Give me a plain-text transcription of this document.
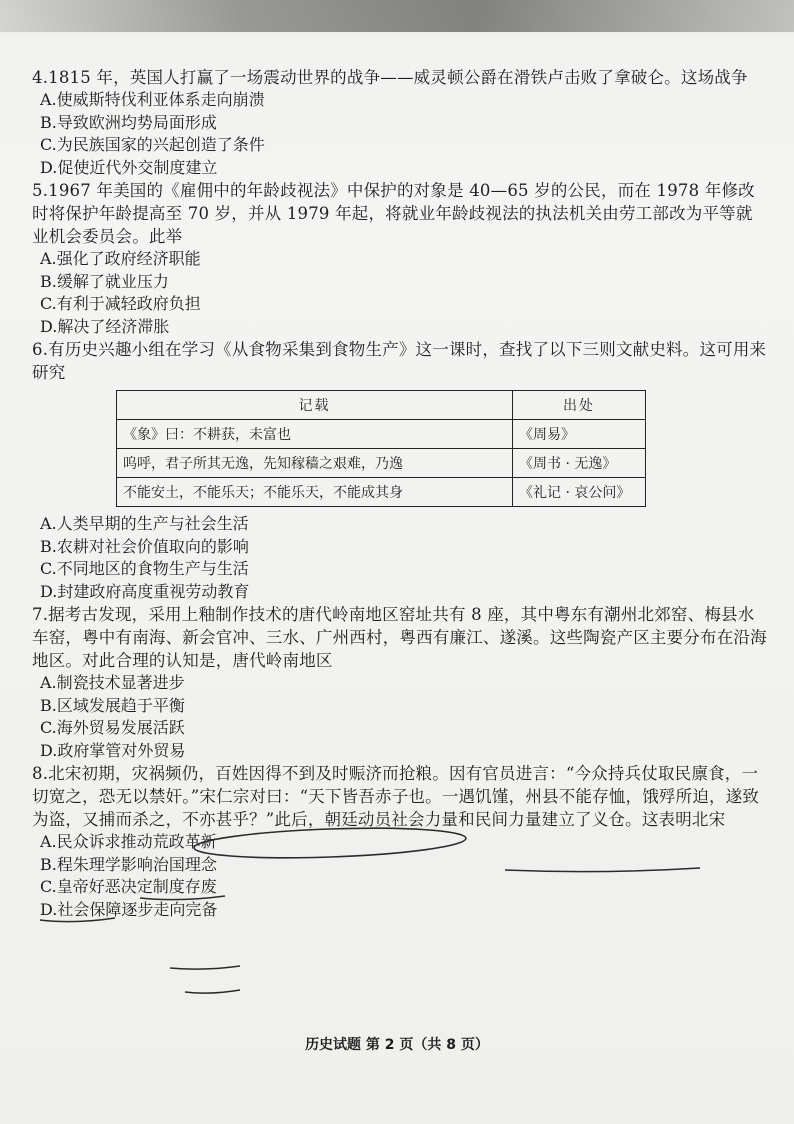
4.1815 年，英国人打赢了一场震动世界的战争——威灵顿公爵在滑铁卢击败了拿破仑。这场战争

A.使威斯特伐利亚体系走向崩溃

B.导致欧洲均势局面形成

C.为民族国家的兴起创造了条件

D.促使近代外交制度建立

5.1967 年美国的《雇佣中的年龄歧视法》中保护的对象是 40—65 岁的公民，而在 1978 年修改时将保护年龄提高至 70 岁，并从 1979 年起，将就业年龄歧视法的执法机关由劳工部改为平等就业机会委员会。此举

A.强化了政府经济职能

B.缓解了就业压力

C.有利于减轻政府负担

D.解决了经济滞胀

6.有历史兴趣小组在学习《从食物采集到食物生产》这一课时，查找了以下三则文献史料。这可用来研究

记载	出处
《象》曰：不耕获，未富也	《周易》
呜呼，君子所其无逸，先知稼穑之艰难，乃逸	《周书 · 无逸》
不能安土，不能乐天；不能乐天，不能成其身	《礼记 · 哀公问》

A.人类早期的生产与社会生活

B.农耕对社会价值取向的影响

C.不同地区的食物生产与生活

D.封建政府高度重视劳动教育

7.据考古发现，采用上釉制作技术的唐代岭南地区窑址共有 8 座，其中粤东有潮州北郊窑、梅县水车窑，粤中有南海、新会官冲、三水、广州西村，粤西有廉江、遂溪。这些陶瓷产区主要分布在沿海地区。对此合理的认知是，唐代岭南地区

A.制瓷技术显著进步

B.区域发展趋于平衡

C.海外贸易发展活跃

D.政府掌管对外贸易

8.北宋初期，灾祸频仍，百姓因得不到及时赈济而抢粮。因有官员进言：“今众持兵仗取民廪食，一切宽之，恐无以禁奸。”宋仁宗对曰：“天下皆吾赤子也。一遇饥馑，州县不能存恤，饿殍所迫，遂致为盗，又捕而杀之，不亦甚乎？”此后，朝廷动员社会力量和民间力量建立了义仓。这表明北宋

A.民众诉求推动荒政革新

B.程朱理学影响治国理念

C.皇帝好恶决定制度存废

D.社会保障逐步走向完备

历史试题 第 2 页（共 8 页）
